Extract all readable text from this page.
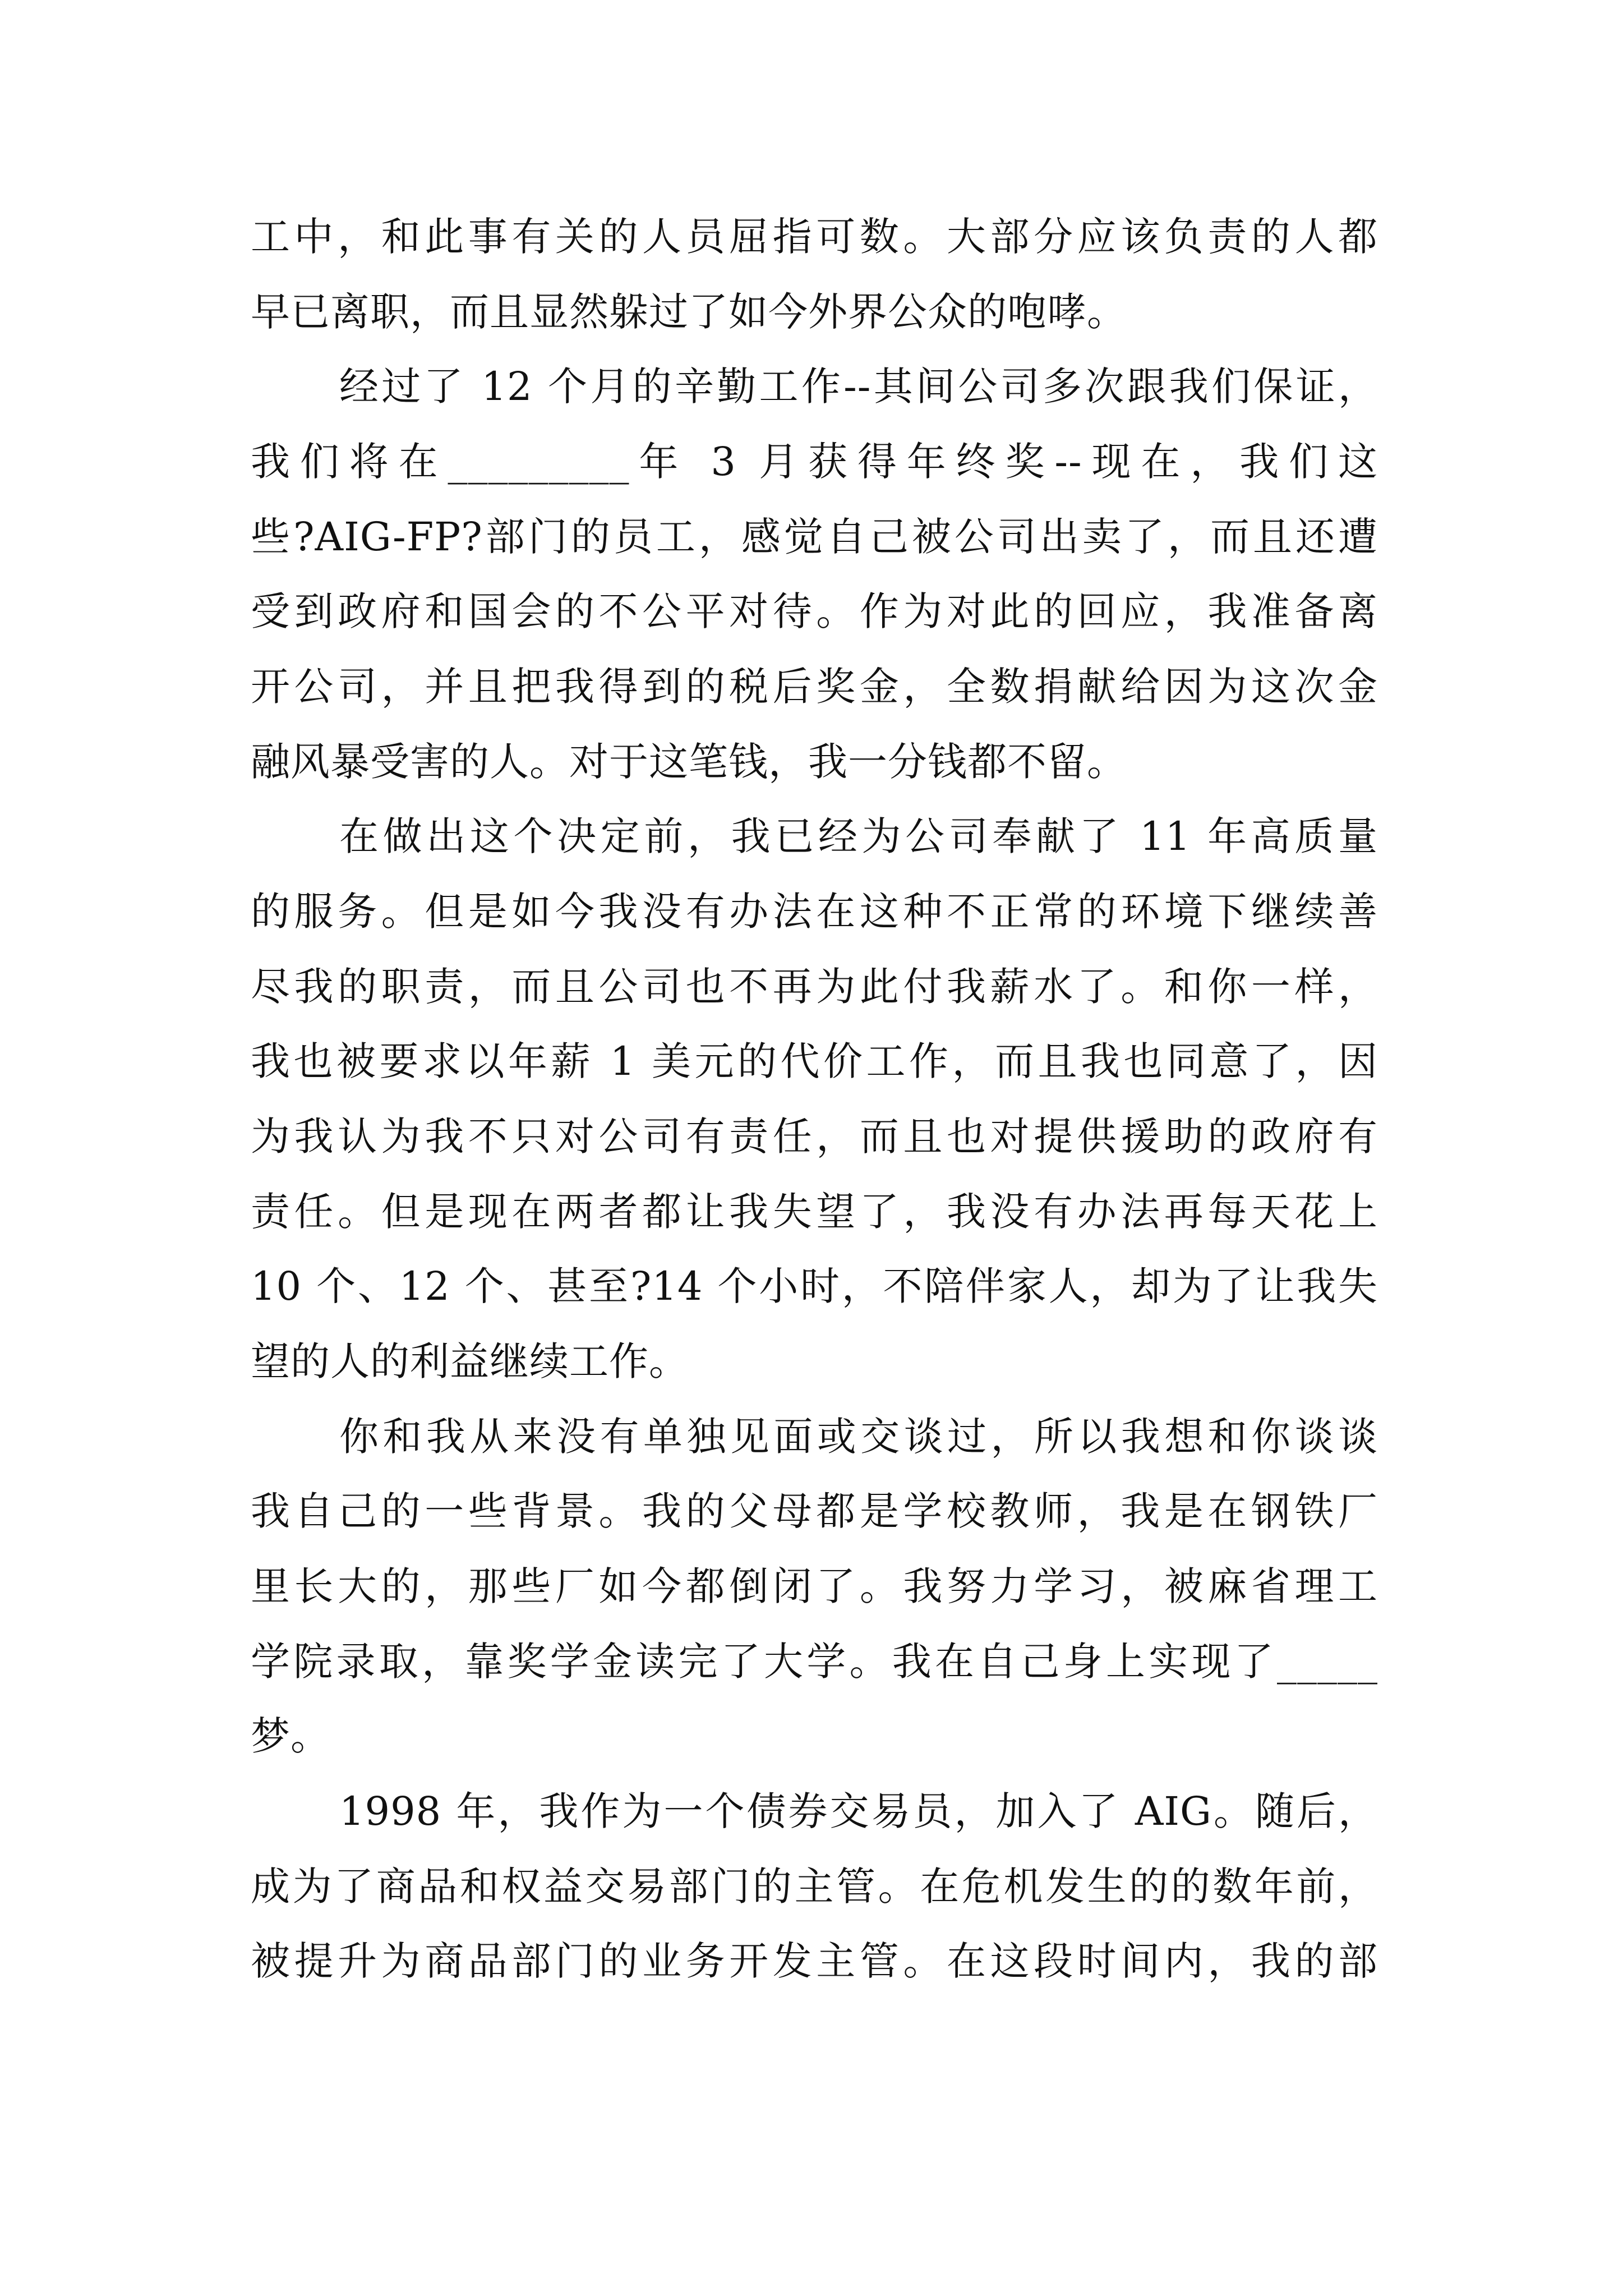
工中，和此事有关的人员屈指可数。大部分应该负责的人都
早已离职，而且显然躲过了如今外界公众的咆哮。
经过了 12 个月的辛勤工作--其间公司多次跟我们保证，
我们将在_________年 3 月获得年终奖--现在，我们这
些?AIG-FP?部门的员工，感觉自己被公司出卖了，而且还遭
受到政府和国会的不公平对待。作为对此的回应，我准备离
开公司，并且把我得到的税后奖金，全数捐献给因为这次金
融风暴受害的人。对于这笔钱，我一分钱都不留。
在做出这个决定前，我已经为公司奉献了 11 年高质量
的服务。但是如今我没有办法在这种不正常的环境下继续善
尽我的职责，而且公司也不再为此付我薪水了。和你一样，
我也被要求以年薪 1 美元的代价工作，而且我也同意了，因
为我认为我不只对公司有责任，而且也对提供援助的政府有
责任。但是现在两者都让我失望了，我没有办法再每天花上
10 个、12 个、甚至?14 个小时，不陪伴家人，却为了让我失
望的人的利益继续工作。
你和我从来没有单独见面或交谈过，所以我想和你谈谈
我自己的一些背景。我的父母都是学校教师，我是在钢铁厂
里长大的，那些厂如今都倒闭了。我努力学习，被麻省理工
学院录取，靠奖学金读完了大学。我在自己身上实现了_____
梦。
1998 年，我作为一个债券交易员，加入了 AIG。随后，
成为了商品和权益交易部门的主管。在危机发生的的数年前，
被提升为商品部门的业务开发主管。在这段时间内，我的部
